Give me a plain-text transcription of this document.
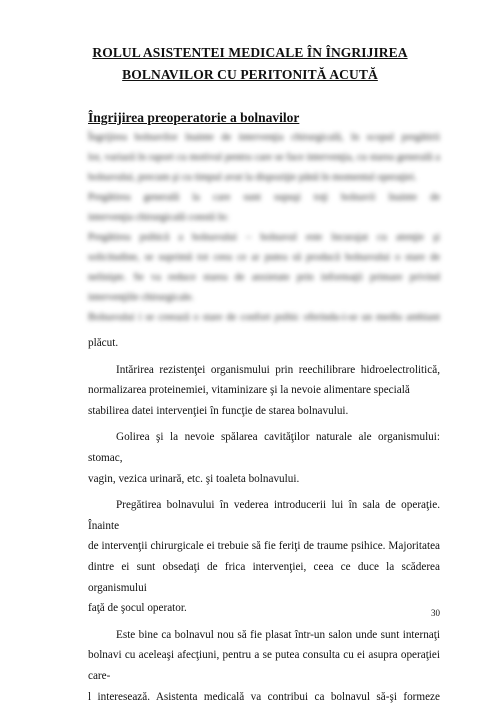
ROLUL ASISTENTEI MEDICALE ÎN ÎNGRIJIREA
BOLNAVILOR CU PERITONITĂ ACUTĂ
Îngrijirea preoperatorie a bolnavilor
Îngrijirea bolnavilor înainte de intervenţia chirurgicală, în scopul pregătirii
lor, variază în raport cu motivul pentru care se face intervenţia, cu starea generală a
bolnavului, precum şi cu timpul avut la dispoziţie până în momentul operaţiei.
Pregătirea generală la care sunt supuşi toţi bolnavii înainte de
intervenţia chirurgicală constă în:
Pregătirea psihică a bolnavului – bolnavul este încurajat cu atenţie şi
solicitudine, se suprimă tot ceea ce ar putea să producă bolnavului o stare de
nelinişte. Se va reduce starea de anxietate prin informaţii primare privind
intervenţiile chirurgicale.
Bolnavului i se creează o stare de confort psihic oferindu-i-se un mediu ambiant

plăcut.

Intărirea rezistenţei organismului prin reechilibrare hidroelectrolitică,
normalizarea proteinemiei, vitaminizare şi la nevoie alimentare specială
stabilirea datei intervenţiei în funcţie de starea bolnavului.
Golirea şi la nevoie spălarea cavităţilor naturale ale organismului: stomac,
vagin, vezica urinară, etc. şi toaleta bolnavului.
Pregătirea bolnavului în vederea introducerii lui în sala de operaţie. Înainte
de intervenţii chirurgicale ei trebuie să fie feriţi de traume psihice. Majoritatea
dintre ei sunt obsedaţi de frica intervenţiei, ceea ce duce la scăderea organismului
faţă de şocul operator.
Este bine ca bolnavul nou să fie plasat într-un salon unde sunt internaţi
bolnavi cu aceleaşi afecţiuni, pentru a se putea consulta cu ei asupra operaţiei care-
l interesează. Asistenta medicală va contribui ca bolnavul să-şi formeze
30
